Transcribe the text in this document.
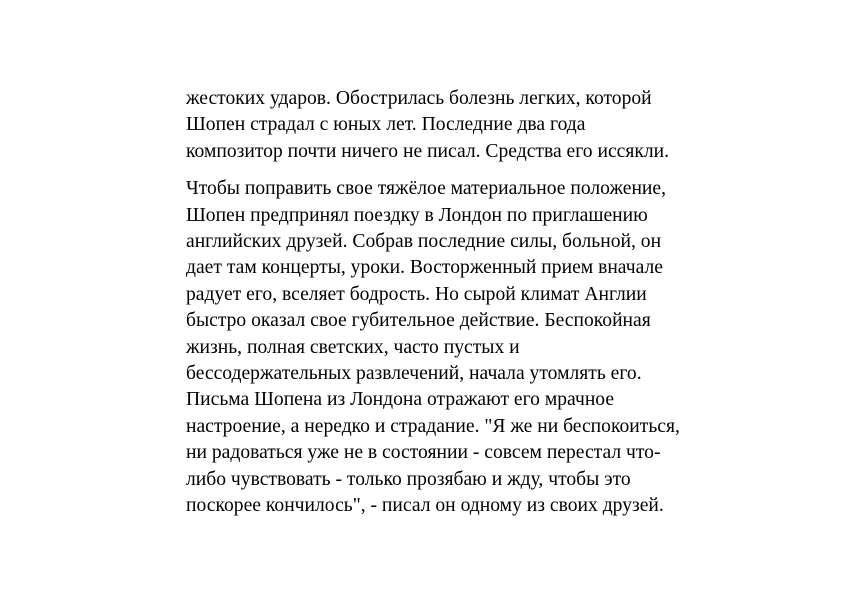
жестоких ударов. Обострилась болезнь легких, которой
Шопен страдал с юных лет. Последние два года
композитор почти ничего не писал. Средства его иссякли.
Чтобы поправить свое тяжёлое материальное положение,
Шопен предпринял поездку в Лондон по приглашению
английских друзей. Собрав последние силы, больной, он
дает там концерты, уроки. Восторженный прием вначале
радует его, вселяет бодрость. Но сырой климат Англии
быстро оказал свое губительное действие. Беспокойная
жизнь, полная светских, часто пустых и
бессодержательных развлечений, начала утомлять его.
Письма Шопена из Лондона отражают его мрачное
настроение, а нередко и страдание. "Я же ни беспокоиться,
ни радоваться уже не в состоянии - совсем перестал что-
либо чувствовать - только прозябаю и жду, чтобы это
поскорее кончилось", - писал он одному из своих друзей.
